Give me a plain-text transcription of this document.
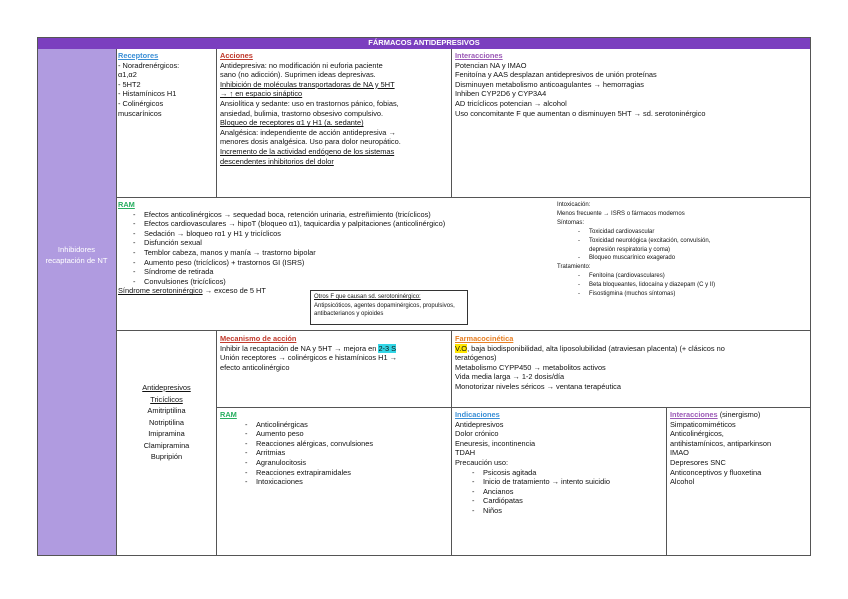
FÁRMACOS ANTIDEPRESIVOS
Inhibidores recaptación de NT
Receptores
- Noradrenérgicos:
α1,α2
- 5HT2
- Histamínicos H1
- Colinérgicos
muscarínicos
Acciones
Antidepresiva: no modificación ni euforia paciente
sano (no adicción). Suprimen ideas depresivas.
Inhibición de moléculas transportadoras de NA y 5HT
→ ↑ en espacio sináptico
Ansiolítica y sedante: uso en trastornos pánico, fobias,
ansiedad, bulimia, trastorno obsesivo compulsivo.
Bloqueo de receptores α1 y H1 (a. sedante)
Analgésica: independiente de acción antidepresiva →
menores dosis analgésica. Uso para dolor neuropático.
Incremento de la actividad endógeno de los sistemas
descendentes inhibitorios del dolor
Interacciones
Potencian NA y IMAO
Fenitoína y AAS desplazan antidepresivos de unión proteínas
Disminuyen metabolismo anticoagulantes → hemorragias
Inhiben CYP2D6 y CYP3A4
AD tricíclicos potencian → alcohol
Uso concomitante F que aumentan o disminuyen 5HT → sd. serotoninérgico
RAM
- Efectos anticolinérgicos → sequedad boca, retención urinaria, estreñimiento (tricíclicos)
- Efectos cardiovasculares → hipoT (bloqueo α1), taquicardia y palpitaciones (anticolinérgico)
- Sedación → bloqueo rα1 y H1 y tricíclicos
- Disfunción sexual
- Temblor cabeza, manos y manía → trastorno bipolar
- Aumento peso (tricíclicos) + trastornos GI (ISRS)
- Síndrome de retirada
- Convulsiones (tricíclicos)
Síndrome serotoninérgico → exceso de 5 HT
Otros F que causan sd. serotoninérgico:
Antipsicóticos, agentes dopaminérgicos, propulsivos,
antibacterianos y opioides
Intoxicación:
Menos frecuente → ISRS o fármacos modernos
Síntomas:
- Toxicidad cardiovascular
- Toxicidad neurológica (excitación, convulsión,
depresión respiratoria y coma)
- Bloqueo muscarínico exagerado
Tratamiento:
- Fenitoína (cardiovasculares)
- Beta bloqueantes, lidocaína y diazepam (C y II)
- Fisostigmina (muchos síntomas)
Antidepresivos
Tricíclicos
Amitriptilina
Notriptilina
Imipramina
Clamipramina
Bupripión
Mecanismo de acción
Inhibir la recaptación de NA y 5HT → mejora en 2-3 S
Unión receptores → colinérgicos e histamínicos H1 →
efecto anticolinérgico
Farmacocinética
V.O, baja biodisponibilidad, alta liposolubilidad (atraviesan placenta) (+ clásicos no
teratógenos)
Metabolismo CYPP450 → metabolitos activos
Vida media larga → 1-2 dosis/día
Monotorizar niveles séricos → ventana terapéutica
RAM
- Anticolinérgicas
- Aumento peso
- Reacciones alérgicas, convulsiones
- Arritmias
- Agranulocitosis
- Reacciones extrapiramidales
- Intoxicaciones
Indicaciones
Antidepresivos
Dolor crónico
Eneuresis, incontinencia
TDAH
Precaución uso:
- Psicosis agitada
- Inicio de tratamiento → intento suicidio
- Ancianos
- Cardiópatas
- Niños
Interacciones (sinergismo)
Simpaticomiméticos
Anticolinérgicos,
antihistamínicos, antiparkinson
IMAO
Depresores SNC
Anticonceptivos y fluoxetina
Alcohol
